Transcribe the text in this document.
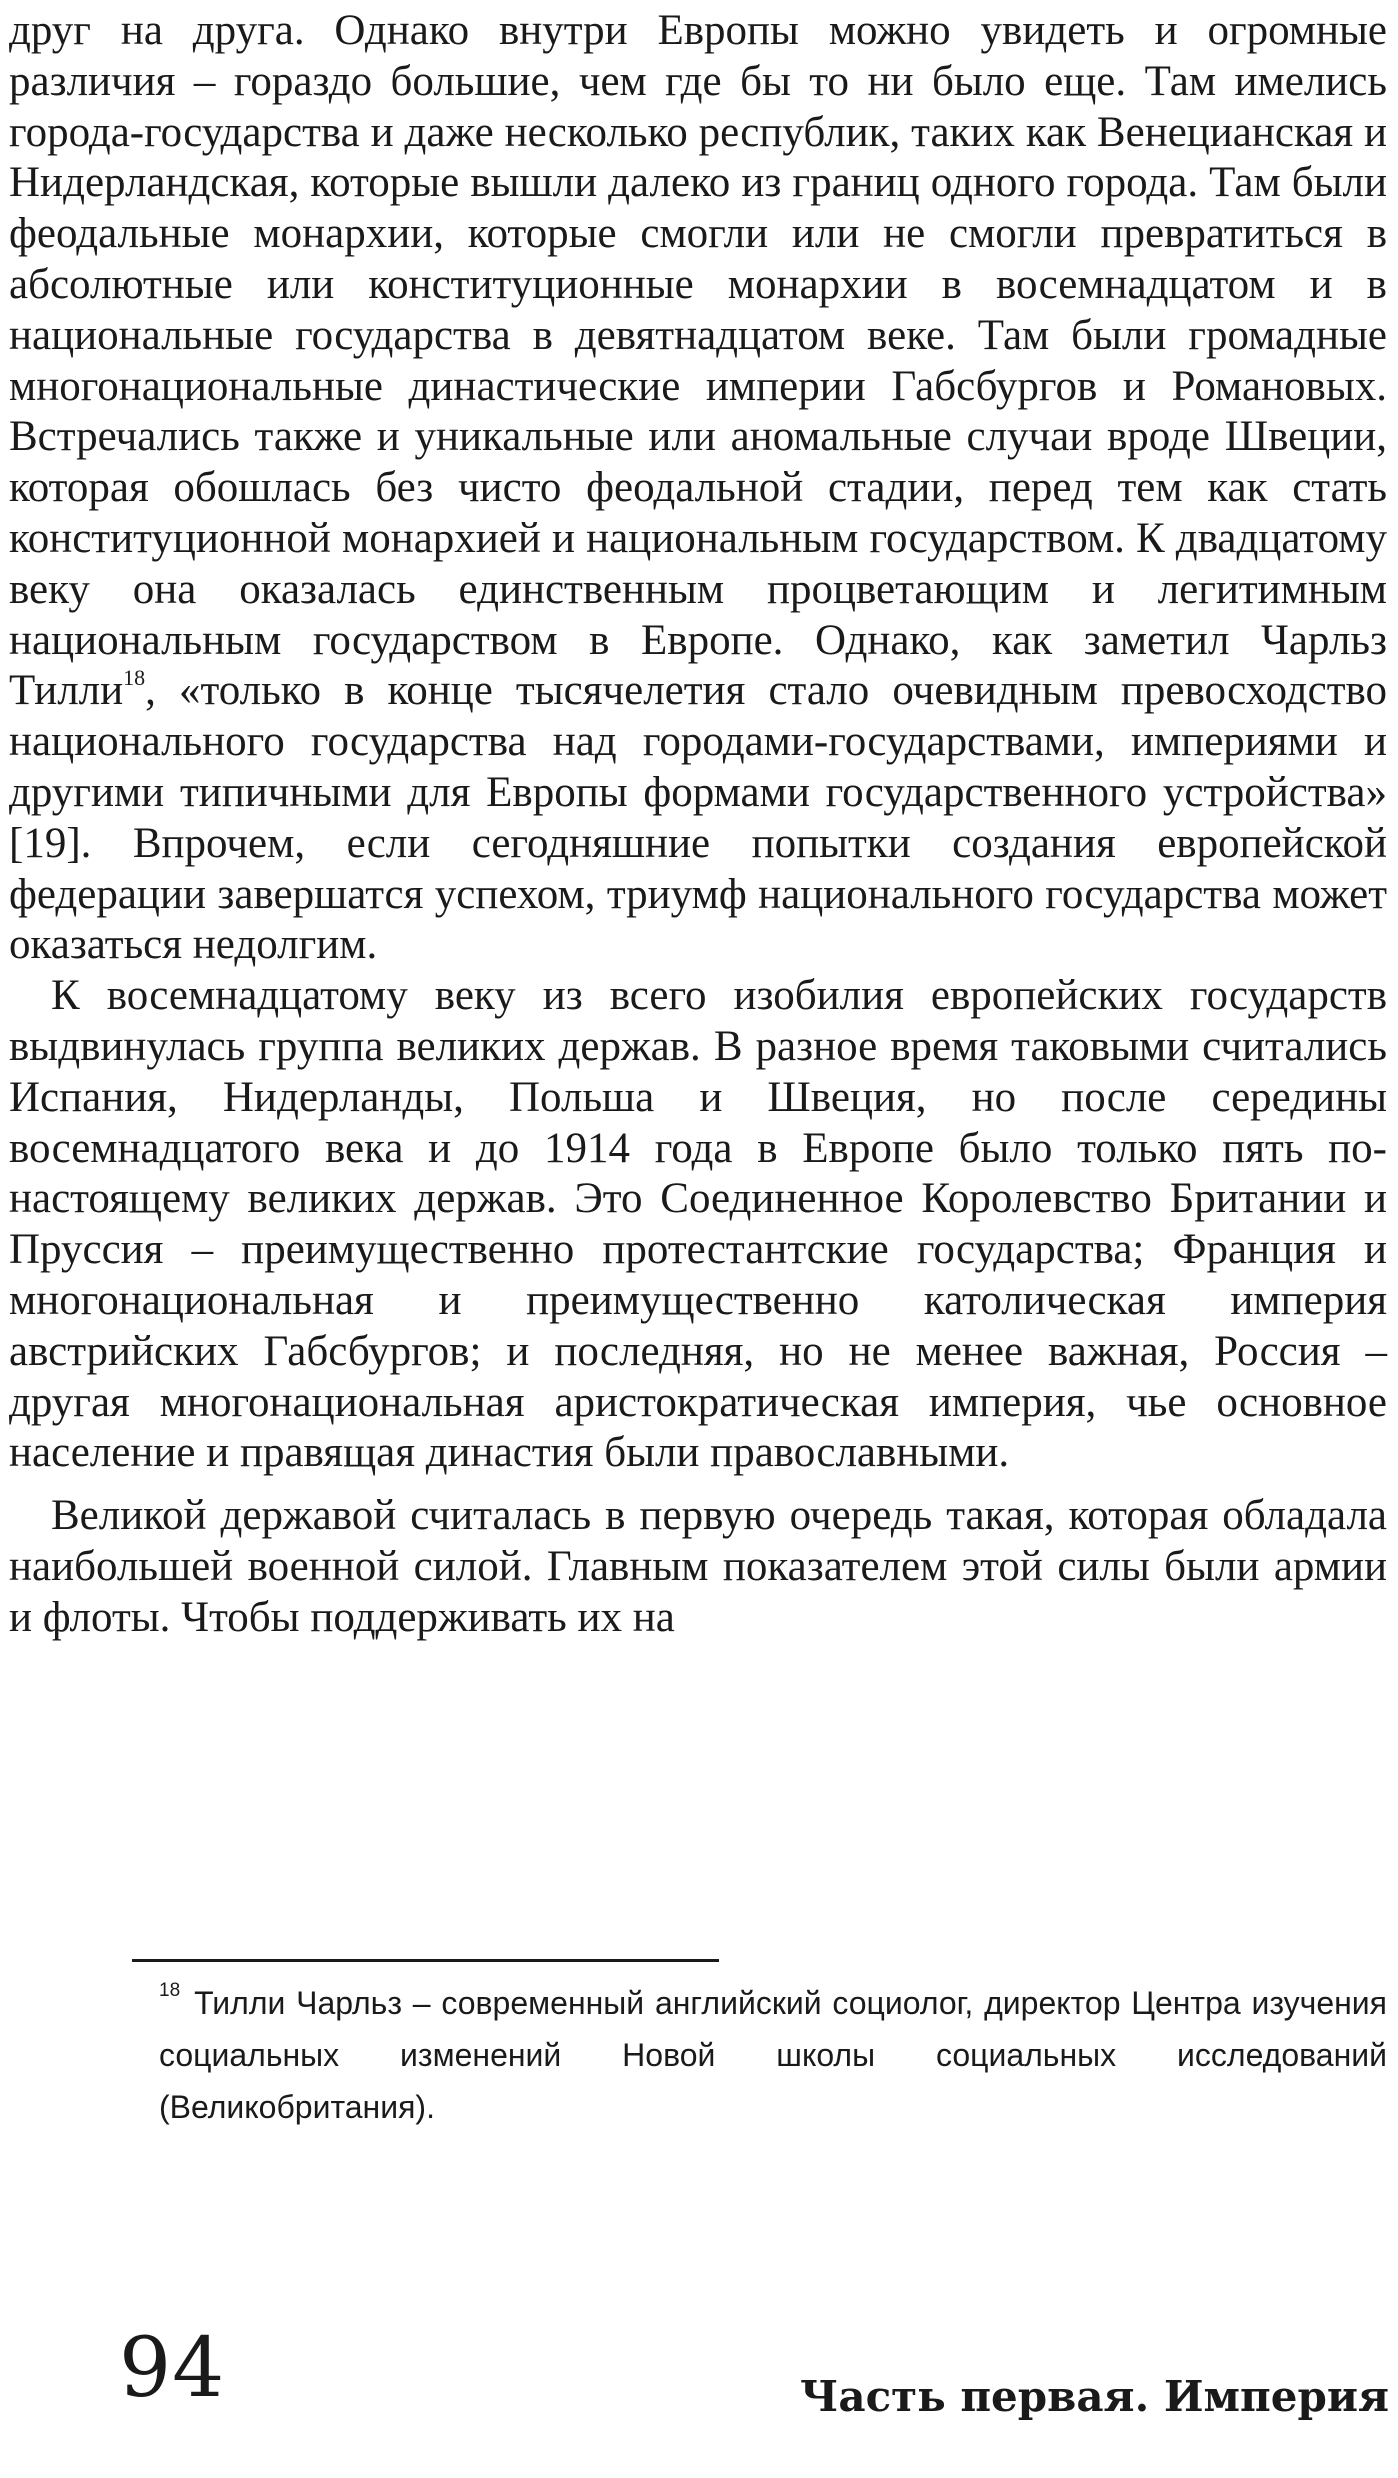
друг на друга. Однако внутри Европы можно увидеть и огромные различия – гораздо большие, чем где бы то ни было еще. Там имелись города-государства и даже несколько республик, таких как Венецианская и Нидерландская, которые вышли далеко из границ одного города. Там были феодальные монархии, которые смогли или не смогли превратиться в абсолютные или конституционные монархии в восемнадцатом и в национальные государства в девятнадцатом веке. Там были громадные многонациональные династические империи Габсбургов и Романовых. Встречались также и уникальные или аномальные случаи вроде Швеции, которая обошлась без чисто феодальной стадии, перед тем как стать конституционной монархией и национальным государством. К двадцатому веку она оказалась единственным процветающим и легитимным национальным государством в Европе. Однако, как заметил Чарльз Тилли$^{18}$, «только в конце тысячелетия стало очевидным превосходство национального государства над городами-государствами, империями и другими типичными для Европы формами государственного устройства» [19]. Впрочем, если сегодняшние попытки создания европейской федерации завершатся успехом, триумф национального государства может оказаться недолгим.

К восемнадцатому веку из всего изобилия европейских государств выдвинулась группа великих держав. В разное время таковыми считались Испания, Нидерланды, Польша и Швеция, но после середины восемнадцатого века и до 1914 года в Европе было только пять по-настоящему великих держав. Это Соединенное Королевство Британии и Пруссия – преимущественно протестантские государства; Франция и многонациональная и преимущественно католическая империя австрийских Габсбургов; и последняя, но не менее важная, Россия – другая многонациональная аристократическая империя, чье основное население и правящая династия были православными.

Великой державой считалась в первую очередь такая, которая обладала наибольшей военной силой. Главным показателем этой силы были армии и флоты. Чтобы поддерживать их на

$^{18}$ Тилли Чарльз – современный английский социолог, директор Центра изучения социальных изменений Новой школы социальных исследований (Великобритания).
94	Часть первая. Империя
